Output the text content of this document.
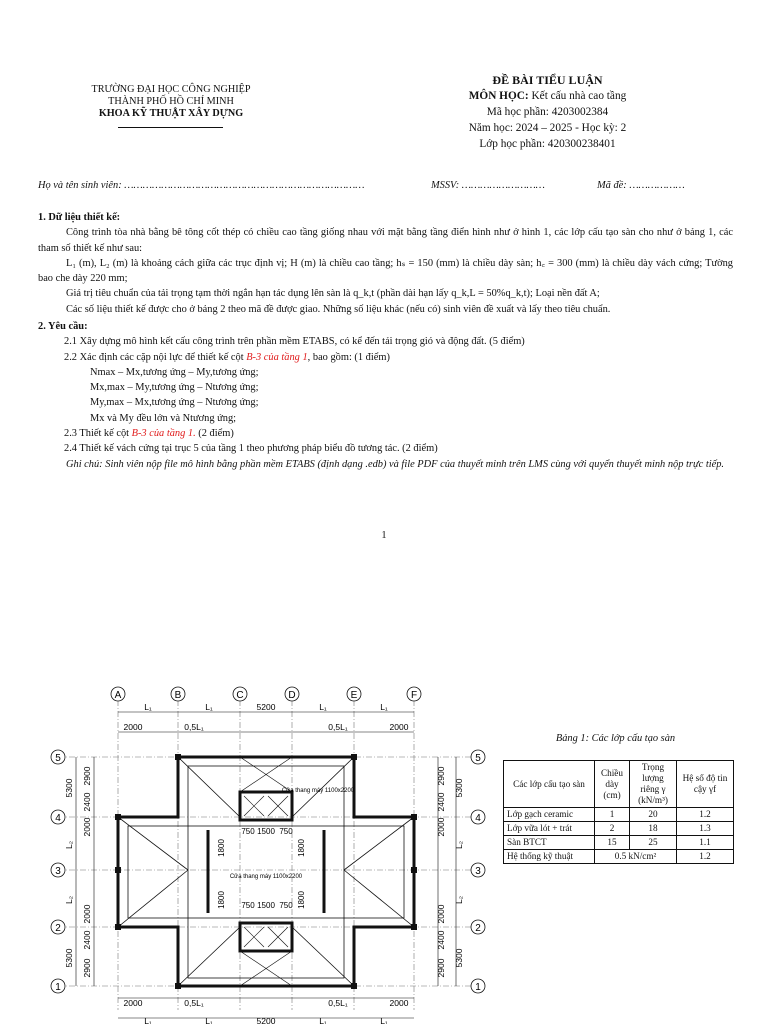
TRƯỜNG ĐẠI HỌC CÔNG NGHIỆP
THÀNH PHỐ HỒ CHÍ MINH
KHOA KỸ THUẬT XÂY DỰNG
ĐỀ BÀI TIỂU LUẬN
MÔN HỌC: Kết cấu nhà cao tầng
Mã học phần: 4203002384
Năm học: 2024 – 2025 - Học kỳ: 2
Lớp học phần: 420300238401
Họ và tên sinh viên: ……………………………………………………………………	MSSV: ………………………	Mã đề: ………………
1. Dữ liệu thiết kế:
Công trình tòa nhà bằng bê tông cốt thép có chiều cao tầng giống nhau với mặt bằng tầng điển hình như ở hình 1, các lớp cấu tạo sàn cho như ở bảng 1, các tham số thiết kế như sau:
L₁ (m), L₂ (m) là khoảng cách giữa các trục định vị; H (m) là chiều cao tầng; hₛ = 150 (mm) là chiều dày sàn; h꜀ = 300 (mm) là chiều dày vách cứng; Tường bao che dày 220 mm;
Giá trị tiêu chuẩn của tải trọng tạm thời ngắn hạn tác dụng lên sàn là q_k,t (phần dài hạn lấy q_k,L = 50%q_k,t); Loại nền đất A;
Các số liệu thiết kế được cho ở bảng 2 theo mã đề được giao. Những số liệu khác (nếu có) sinh viên đề xuất và lấy theo tiêu chuẩn.
2. Yêu cầu:
2.1 Xây dựng mô hình kết cấu công trình trên phần mềm ETABS, có kể đến tải trọng gió và động đất. (5 điểm)
2.2 Xác định các cặp nội lực để thiết kế cột B-3 của tầng 1, bao gồm: (1 điểm)
Nmax – Mx,tương ứng – My,tương ứng;
Mx,max – My,tương ứng – Ntương ứng;
My,max – Mx,tương ứng – Ntương ứng;
Mx và My đều lớn và Ntương ứng;
2.3 Thiết kế cột B-3 của tầng 1. (2 điểm)
2.4 Thiết kế vách cứng tại trục 5 của tầng 1 theo phương pháp biểu đồ tương tác. (2 điểm)
Ghi chú: Sinh viên nộp file mô hình bằng phần mềm ETABS (định dạng .edb) và file PDF của thuyết minh trên LMS cùng với quyển thuyết minh nộp trực tiếp.
1
A	B	C	D	E	F
5
4
3
2
1
5
4
3
2
1
L₁	L₁	5200	L₁	L₁
2000	0,5L₁	0,5L₁	2000
2000	0,5L₁	0,5L₁	2000
L₁	L₁	5200	L₁	L₁
5300
2900
2400
2000
L₂
L₂
2000
2400
2900
5300
5300
2900
2400
2000
L₂
L₂
2000
2400
2900
5300
Cửa thang máy 1100x2200
Cửa thang máy 1100x2200
750 1500 750
750 1500 750
1800	1800
1800	1800
Bảng 1: Các lớp cấu tạo sàn
Các lớp cấu tạo sàn	Chiều dày (cm)	Trọng lượng riêng γ (kN/m³)	Hệ số độ tin cậy γf
Lớp gạch ceramic	1	20	1.2
Lớp vữa lót + trát	2	18	1.3
Sàn BTCT	15	25	1.1
Hệ thống kỹ thuật	0.5 kN/cm²		1.2
